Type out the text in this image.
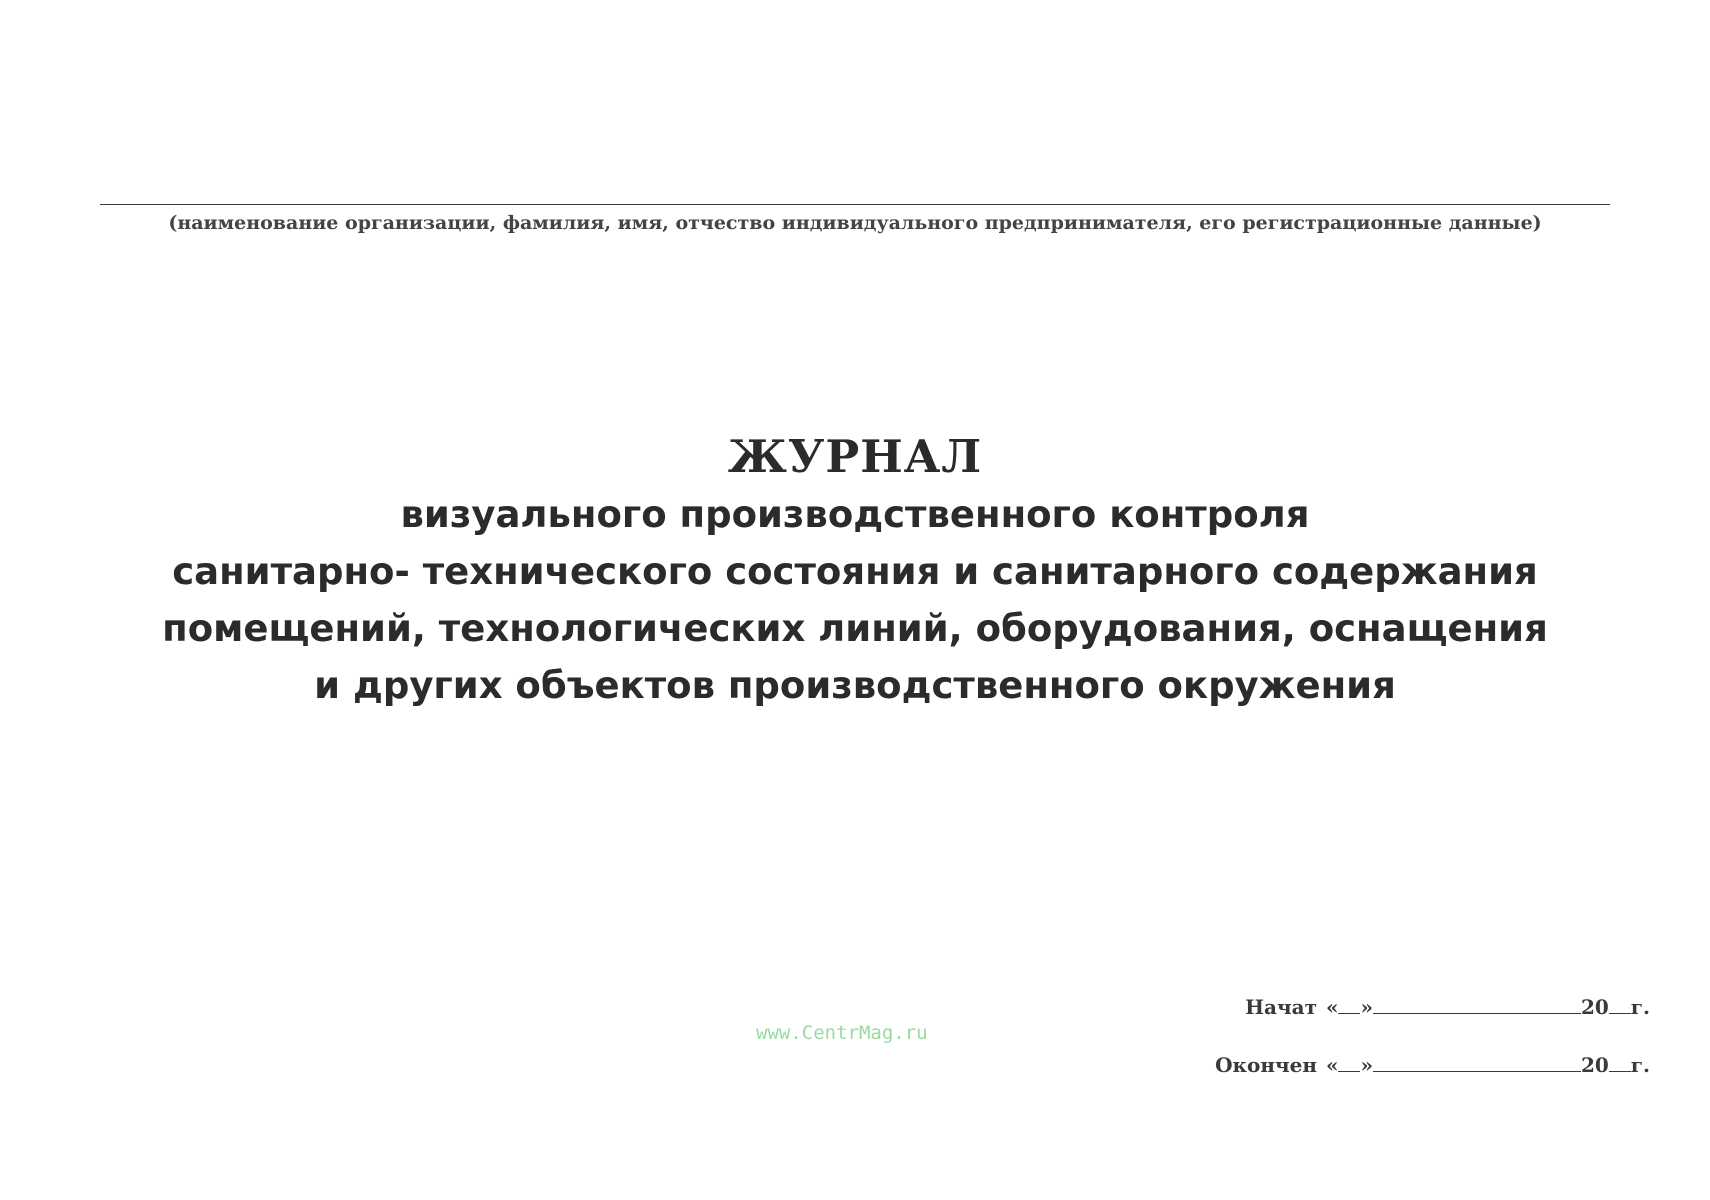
(наименование организации, фамилия, имя, отчество индивидуального предпринимателя, его регистрационные данные)
ЖУРНАЛ
визуального производственного контроля
санитарно- технического состояния и санитарного содержания
помещений, технологических линий, оборудования, оснащения
и других объектов производственного окружения
www.CentrMag.ru
Начат « »	20 г.
Окончен « »	20 г.
